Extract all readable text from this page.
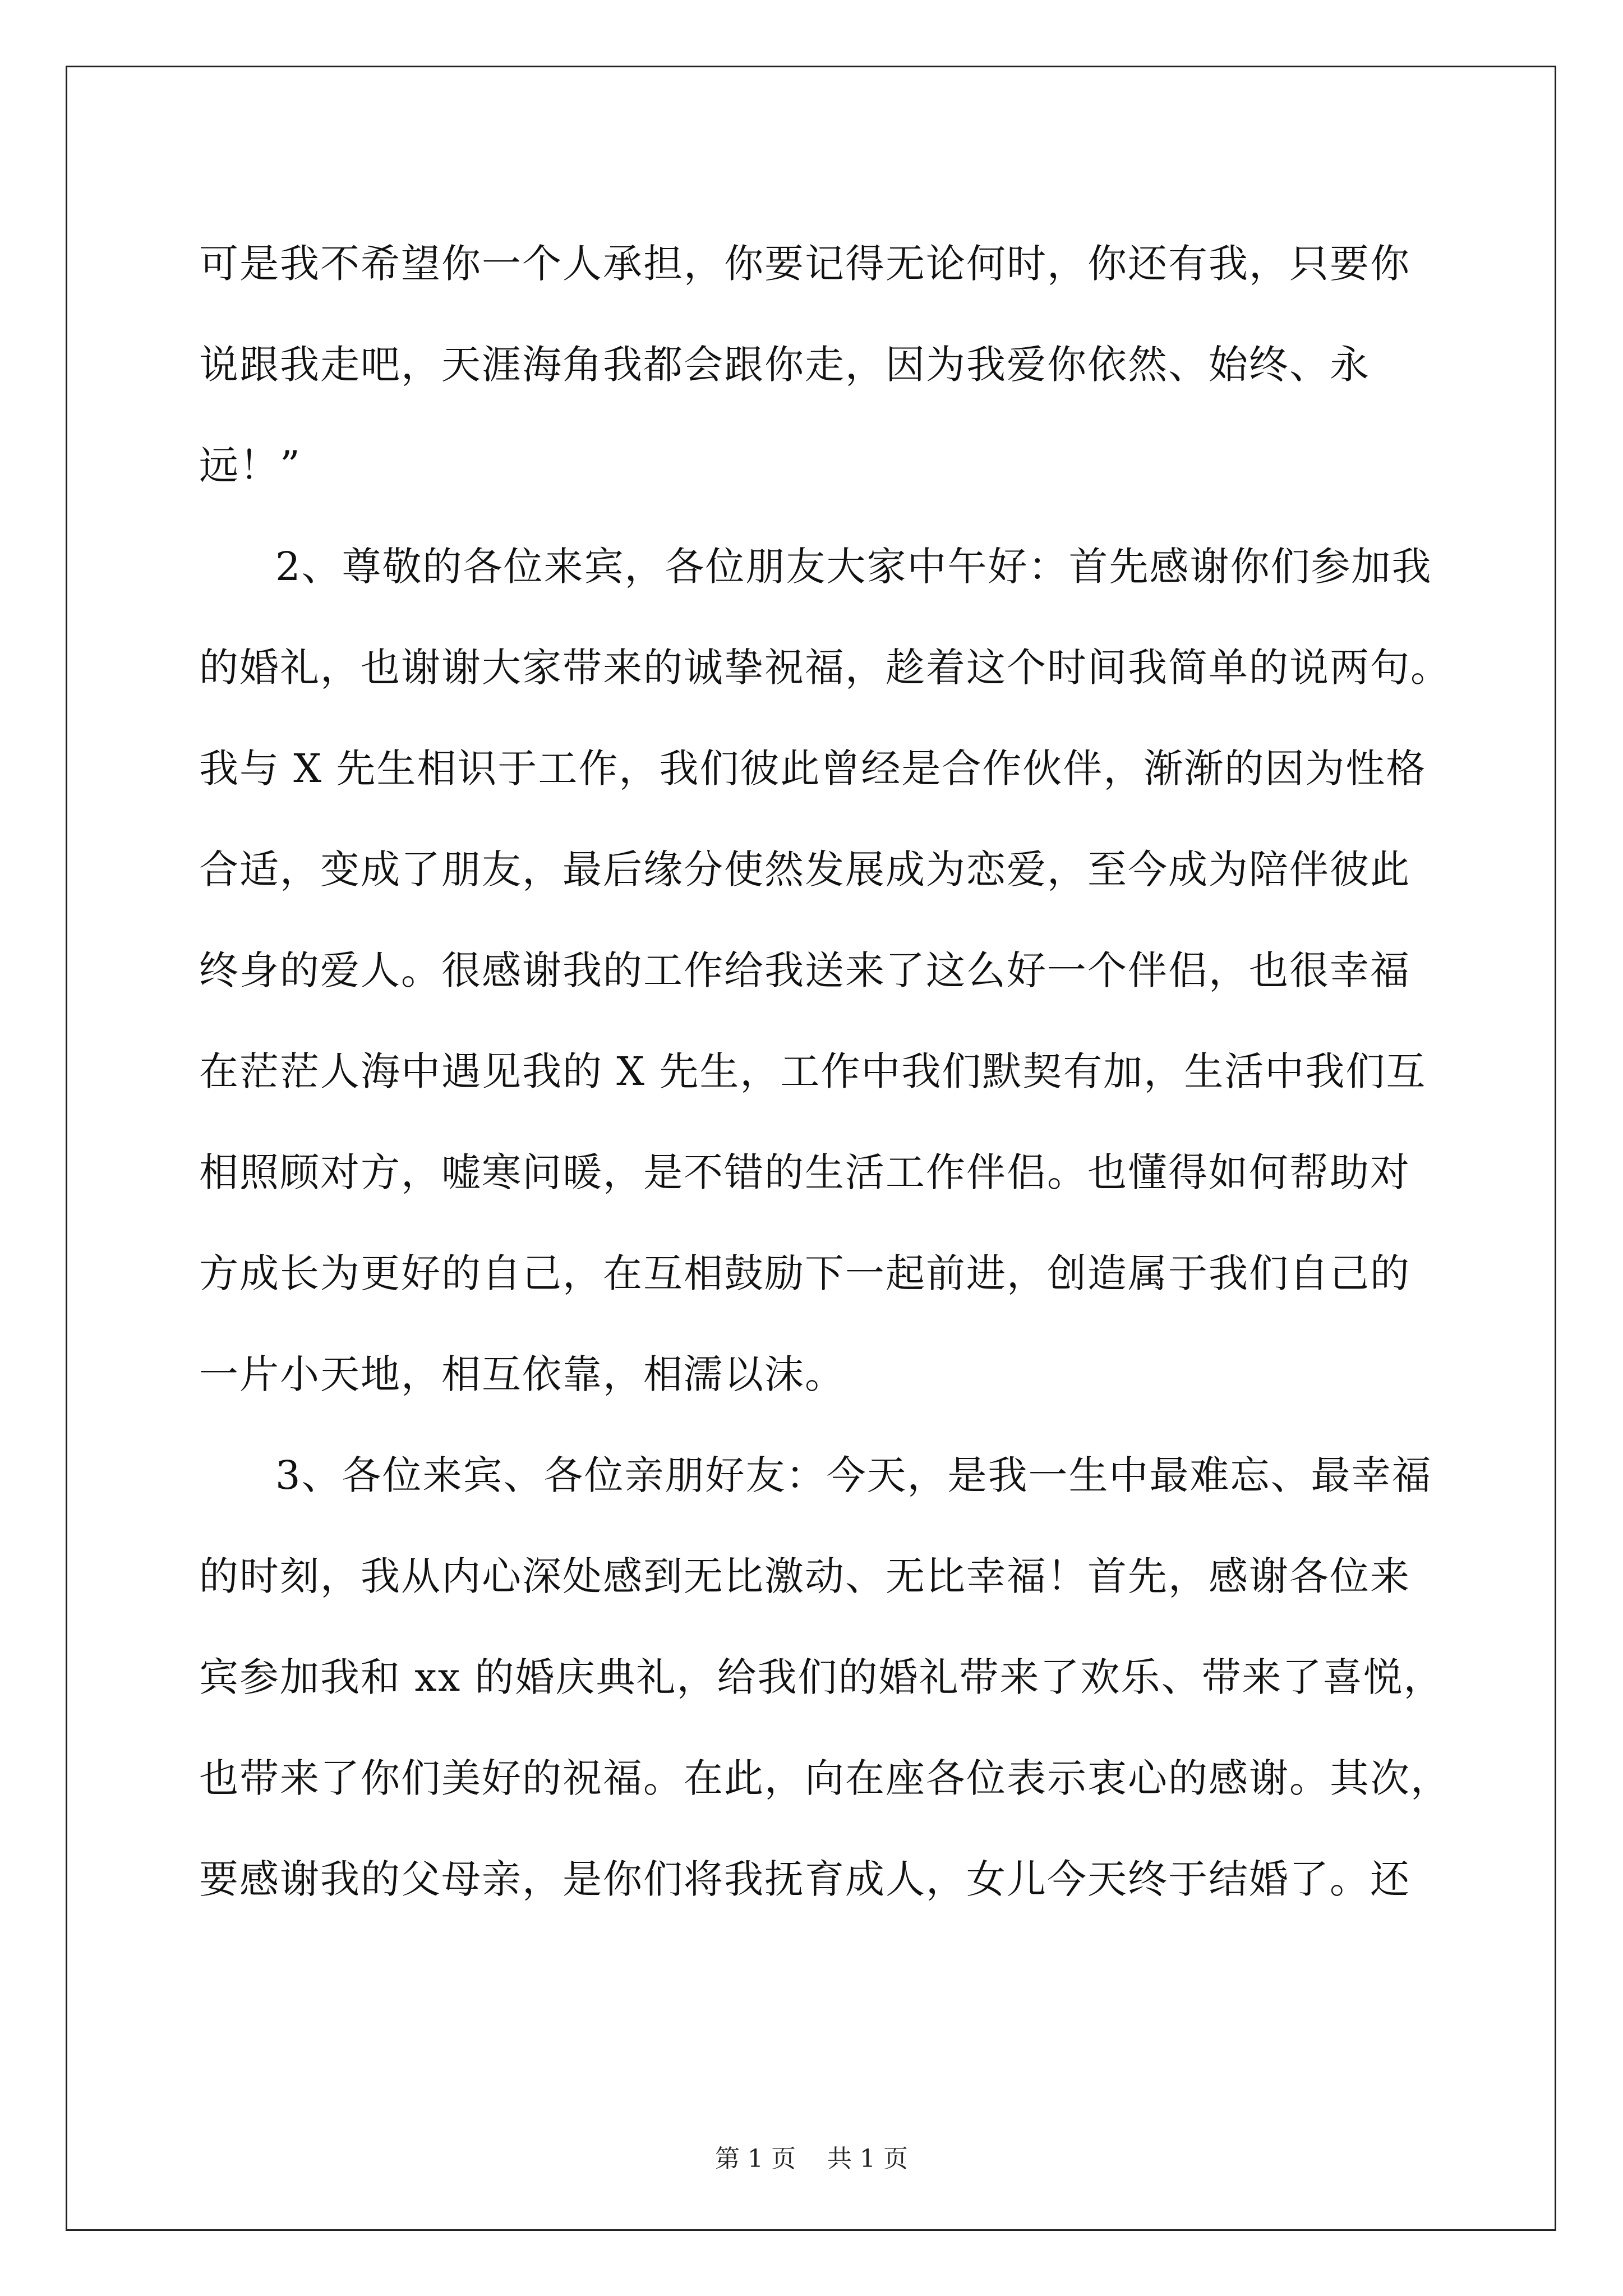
可是我不希望你一个人承担，你要记得无论何时，你还有我，只要你
说跟我走吧，天涯海角我都会跟你走，因为我爱你依然、始终、永
远！”
2、尊敬的各位来宾，各位朋友大家中午好：首先感谢你们参加我
的婚礼，也谢谢大家带来的诚挚祝福，趁着这个时间我简单的说两句。
我与 X 先生相识于工作，我们彼此曾经是合作伙伴，渐渐的因为性格
合适，变成了朋友，最后缘分使然发展成为恋爱，至今成为陪伴彼此
终身的爱人。很感谢我的工作给我送来了这么好一个伴侣，也很幸福
在茫茫人海中遇见我的 X 先生，工作中我们默契有加，生活中我们互
相照顾对方，嘘寒问暖，是不错的生活工作伴侣。也懂得如何帮助对
方成长为更好的自己，在互相鼓励下一起前进，创造属于我们自己的
一片小天地，相互依靠，相濡以沫。
3、各位来宾、各位亲朋好友：今天，是我一生中最难忘、最幸福
的时刻，我从内心深处感到无比激动、无比幸福！首先，感谢各位来
宾参加我和 xx 的婚庆典礼，给我们的婚礼带来了欢乐、带来了喜悦，
也带来了你们美好的祝福。在此，向在座各位表示衷心的感谢。其次，
要感谢我的父母亲，是你们将我抚育成人，女儿今天终于结婚了。还
第 1 页 共 1 页
